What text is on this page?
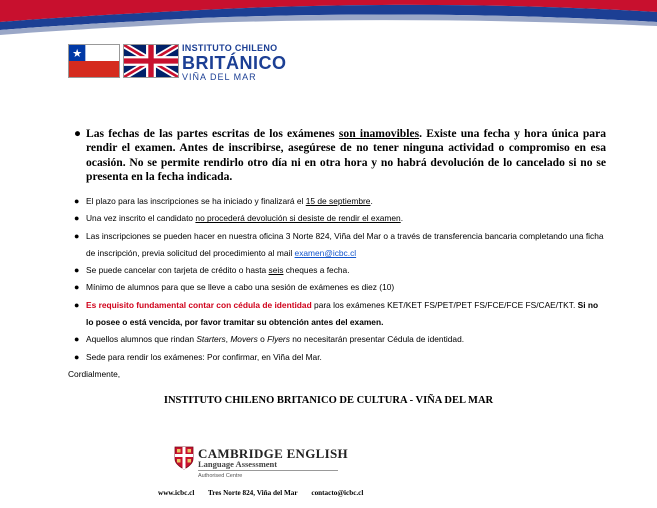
INSTITUTO CHILENO
BRITÁNICO
VIÑA DEL MAR
● Las fechas de las partes escritas de los exámenes son inamovibles. Existe una fecha y hora única para rendir el examen. Antes de inscribirse, asegúrese de no tener ninguna actividad o compromiso en esa ocasión. No se permite rendirlo otro día ni en otra hora y no habrá devolución de lo cancelado si no se presenta en la fecha indicada.
● El plazo para las inscripciones se ha iniciado y finalizará el 15 de septiembre.
● Una vez inscrito el candidato no procederá devolución si desiste de rendir el examen.
● Las inscripciones se pueden hacer en nuestra oficina 3 Norte 824, Viña del Mar o a través de transferencia bancaria completando una ficha
de inscripción, previa solicitud del procedimiento al mail examen@icbc.cl
● Se puede cancelar con tarjeta de crédito o hasta seis cheques a fecha.
● Mínimo de alumnos para que se lleve a cabo una sesión de exámenes es diez (10)
● Es requisito fundamental contar con cédula de identidad para los exámenes KET/KET FS/PET/PET FS/FCE/FCE FS/CAE/TKT. Si no
lo posee o está vencida, por favor tramitar su obtención antes del examen.
● Aquellos alumnos que rindan Starters, Movers o Flyers no necesitarán presentar Cédula de identidad.
● Sede para rendir los exámenes: Por confirmar, en Viña del Mar.
Cordialmente,
INSTITUTO CHILENO BRITANICO DE CULTURA - VIÑA DEL MAR
CAMBRIDGE ENGLISH
Language Assessment
Authorised Centre
www.icbc.cl Tres Norte 824, Viña del Mar contacto@icbc.cl
